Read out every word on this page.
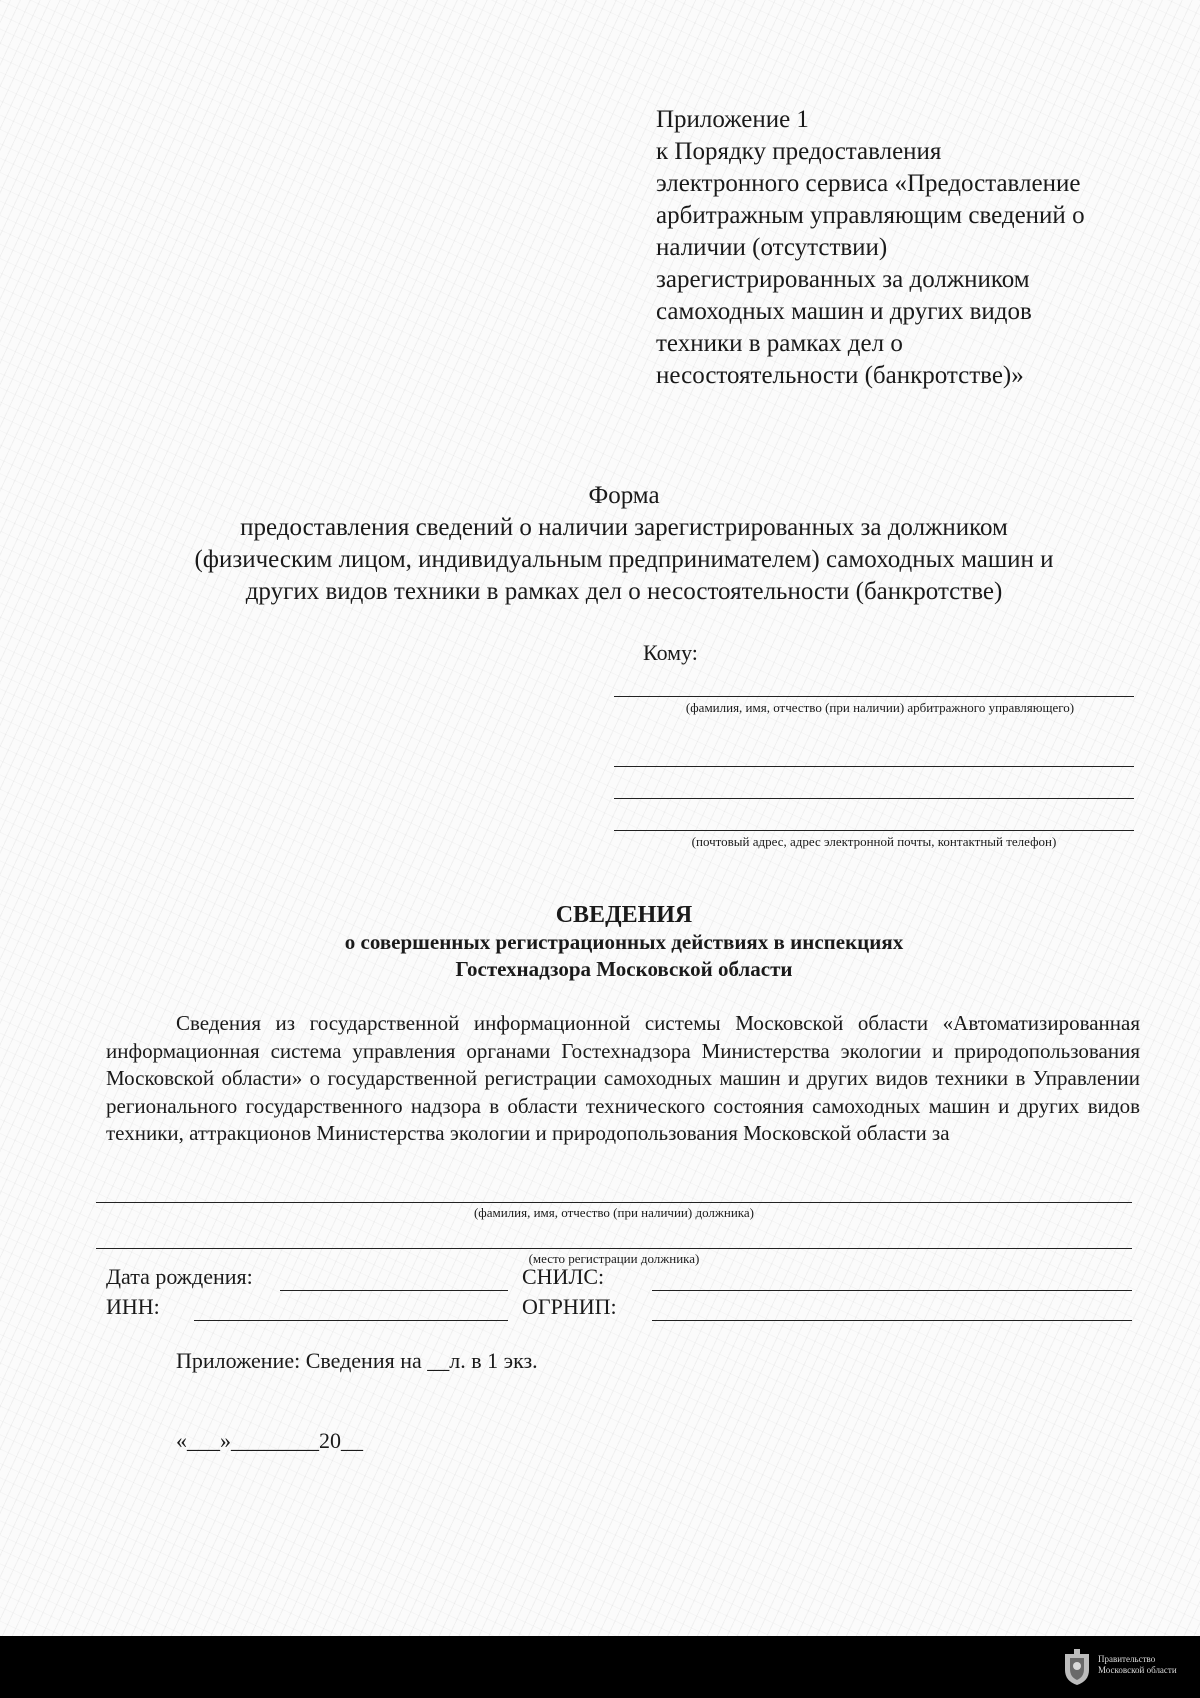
Приложение 1
к Порядку предоставления
электронного сервиса «Предоставление
арбитражным управляющим сведений о
наличии (отсутствии)
зарегистрированных за должником
самоходных машин и других видов
техники в рамках дел о
несостоятельности (банкротстве)»
Форма
предоставления сведений о наличии зарегистрированных за должником
(физическим лицом, индивидуальным предпринимателем) самоходных машин и
других видов техники в рамках дел о несостоятельности (банкротстве)
Кому:
(фамилия, имя, отчество (при наличии) арбитражного управляющего)
(почтовый адрес, адрес электронной почты, контактный телефон)
СВЕДЕНИЯ
о совершенных регистрационных действиях в инспекциях
Гостехнадзора Московской области
Сведения из государственной информационной системы Московской области «Автоматизированная информационная система управления органами Гостехнадзора Министерства экологии и природопользования Московской области» о государственной регистрации самоходных машин и других видов техники в Управлении регионального государственного надзора в области технического состояния самоходных машин и других видов техники, аттракционов Министерства экологии и природопользования Московской области за
(фамилия, имя, отчество (при наличии) должника)
(место регистрации должника)
Дата рождения:	СНИЛС:
ИНН:	ОГРНИП:
Приложение: Сведения на __л. в 1 экз.
«___»________20__
Правительство
Московской области
